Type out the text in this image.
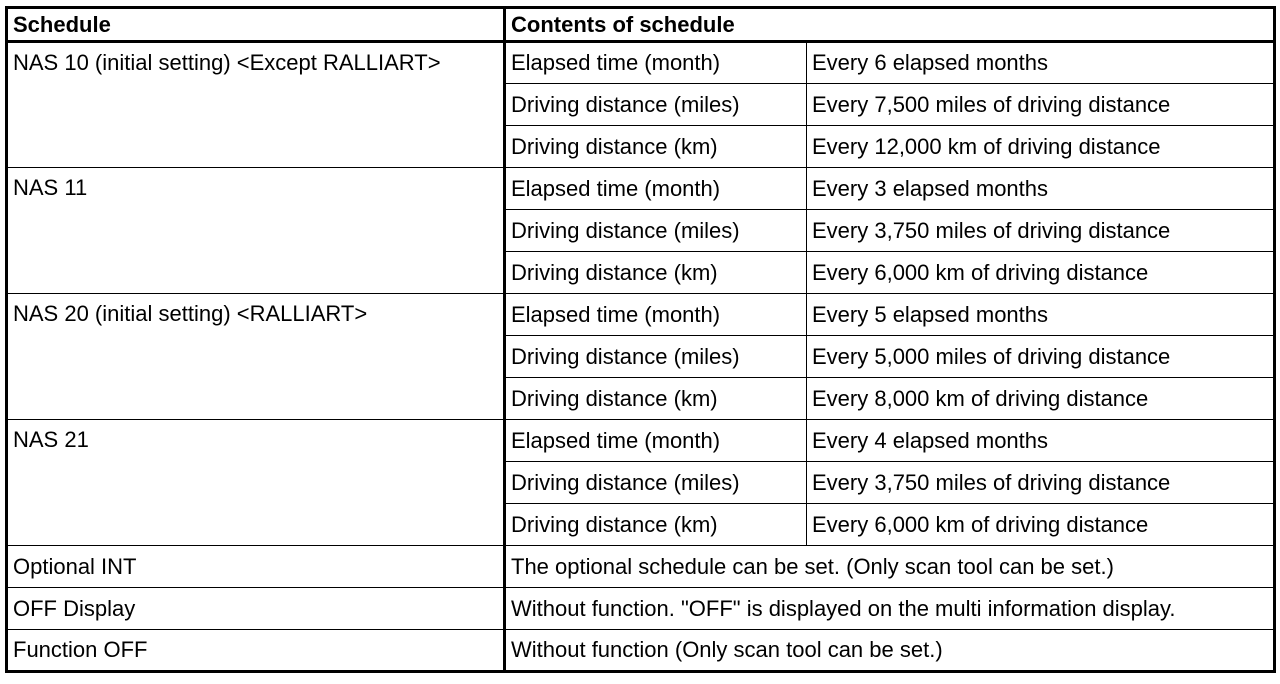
Schedule	Contents of schedule	
NAS 10 (initial setting) <Except RALLIART>	Elapsed time (month)	Every 6 elapsed months
	Driving distance (miles)	Every 7,500 miles of driving distance
	Driving distance (km)	Every 12,000 km of driving distance
NAS 11	Elapsed time (month)	Every 3 elapsed months
	Driving distance (miles)	Every 3,750 miles of driving distance
	Driving distance (km)	Every 6,000 km of driving distance
NAS 20 (initial setting) <RALLIART>	Elapsed time (month)	Every 5 elapsed months
	Driving distance (miles)	Every 5,000 miles of driving distance
	Driving distance (km)	Every 8,000 km of driving distance
NAS 21	Elapsed time (month)	Every 4 elapsed months
	Driving distance (miles)	Every 3,750 miles of driving distance
	Driving distance (km)	Every 6,000 km of driving distance
Optional INT	The optional schedule can be set. (Only scan tool can be set.)	
OFF Display	Without function. "OFF" is displayed on the multi information display.	
Function OFF	Without function (Only scan tool can be set.)	
